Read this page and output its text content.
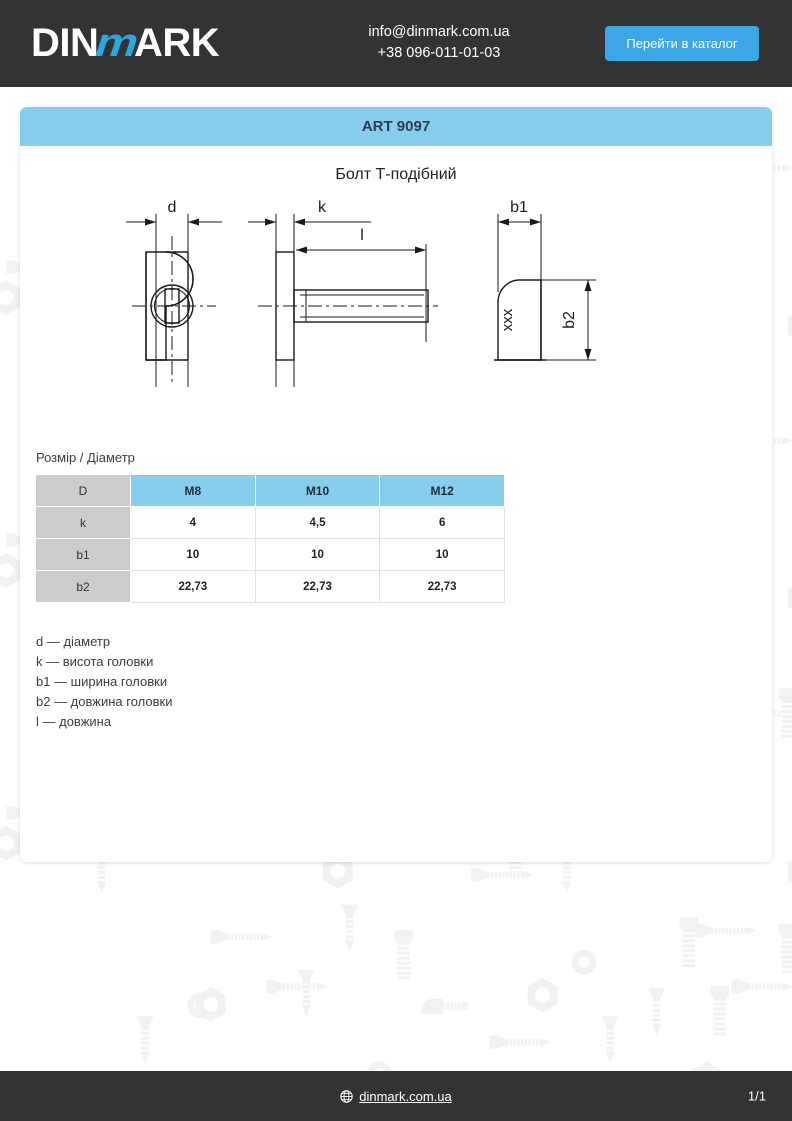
DINmARK	info@dinmark.com.ua
+38 096-011-01-03
Перейти в каталог
ART 9097
Болт Т-подібний
d	k
l
b1
b2
xxx
Розмір / Діаметр
D	M8	M10	M12
k	4	4,5	6
b1	10	10	10
b2	22,73	22,73	22,73
d — діаметр
k — висота головки
b1 — ширина головки
b2 — довжина головки
l — довжина
dinmark.com.ua	1/1
